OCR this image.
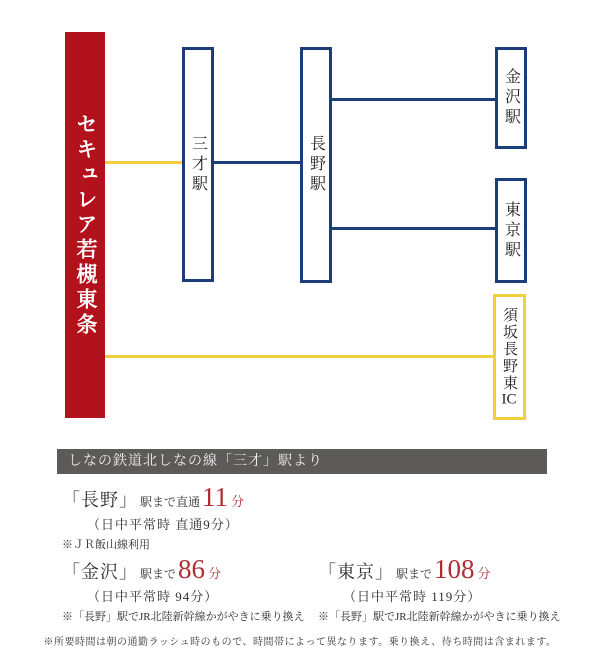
セキュレア若槻東条	三才駅	長野駅
金沢駅
東京駅
須坂長野東IC
しなの鉄道北しなの線「三才」駅より
「長野」 駅まで直通 11 分
（日中平常時 直通9分）
※ＪＲ飯山線利用
「金沢」 駅まで 86 分
（日中平常時 94分）
※「長野」駅でJR北陸新幹線かがやきに乗り換え
「東京」 駅まで 108 分
（日中平常時 119分）
※「長野」駅でJR北陸新幹線かがやきに乗り換え
※所要時間は朝の通勤ラッシュ時のもので、時間帯によって異なります。乗り換え、待ち時間は含まれます。
